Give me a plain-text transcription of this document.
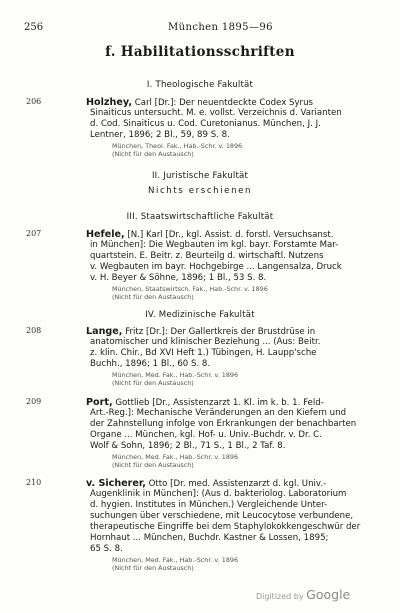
256	München 1895—96
f. Habilitationsschriften
I. Theologische Fakultät
206	Holzhey, Carl [Dr.]: Der neuentdeckte Codex Syrus
Sinaiticus untersucht. M. e. vollst. Verzeichnis d. Varianten
d. Cod. Sinaiticus u. Cod. Curetonianus. München, J. J.
Lentner, 1896; 2 Bl., 59, 89 S. 8.
München, Theol. Fak., Hab.-Schr. v. 1896
(Nicht für den Austausch)
II. Juristische Fakultät
Nichts erschienen
III. Staatswirtschaftliche Fakultät
207	Hefele, [N.] Karl [Dr., kgl. Assist. d. forstl. Versuchsanst.
in München]: Die Wegbauten im kgl. bayr. Forstamte Mar-
quartstein. E. Beitr. z. Beurteilg d. wirtschaftl. Nutzens
v. Wegbauten im bayr. Hochgebirge ... Langensalza, Druck
v. H. Beyer & Söhne, 1896; 1 Bl., 53 S. 8.
München, Staatswirtsch. Fak., Hab.-Schr. v. 1896
(Nicht für den Austausch)
IV. Medizinische Fakultät
208	Lange, Fritz [Dr.]: Der Gallertkreis der Brustdrüse in
anatomischer und klinischer Beziehung ... (Aus: Beitr.
z. klin. Chir., Bd XVI Heft 1.) Tübingen, H. Laupp'sche
Buchh., 1896; 1 Bl., 60 S. 8.
München, Med. Fak., Hab.-Schr. v. 1896
(Nicht für den Austausch)
209	Port, Gottlieb [Dr., Assistenzarzt 1. Kl. im k. b. 1. Feld-
Art.-Reg.]: Mechanische Veränderungen an den Kiefern und
der Zahnstellung infolge von Erkrankungen der benachbarten
Organe ... München, kgl. Hof- u. Univ.-Buchdr. v. Dr. C.
Wolf & Sohn, 1896; 2 Bl., 71 S., 1 Bl., 2 Taf. 8.
München, Med. Fak., Hab.-Schr. v. 1896
(Nicht für den Austausch)
210	v. Sicherer, Otto [Dr. med. Assistenzarzt d. kgl. Univ.-
Augenklinik in München]: (Aus d. bakteriolog. Laboratorium
d. hygien. Institutes in München.) Vergleichende Unter-
suchungen über verschiedene, mit Leucocytose verbundene,
therapeutische Eingriffe bei dem Staphylokokkengeschwür der
Hornhaut ... München, Buchdr. Kastner & Lossen, 1895;
65 S. 8.
München, Med. Fak., Hab.-Schr. v. 1896
(Nicht für den Austausch)
Digitized by Google
